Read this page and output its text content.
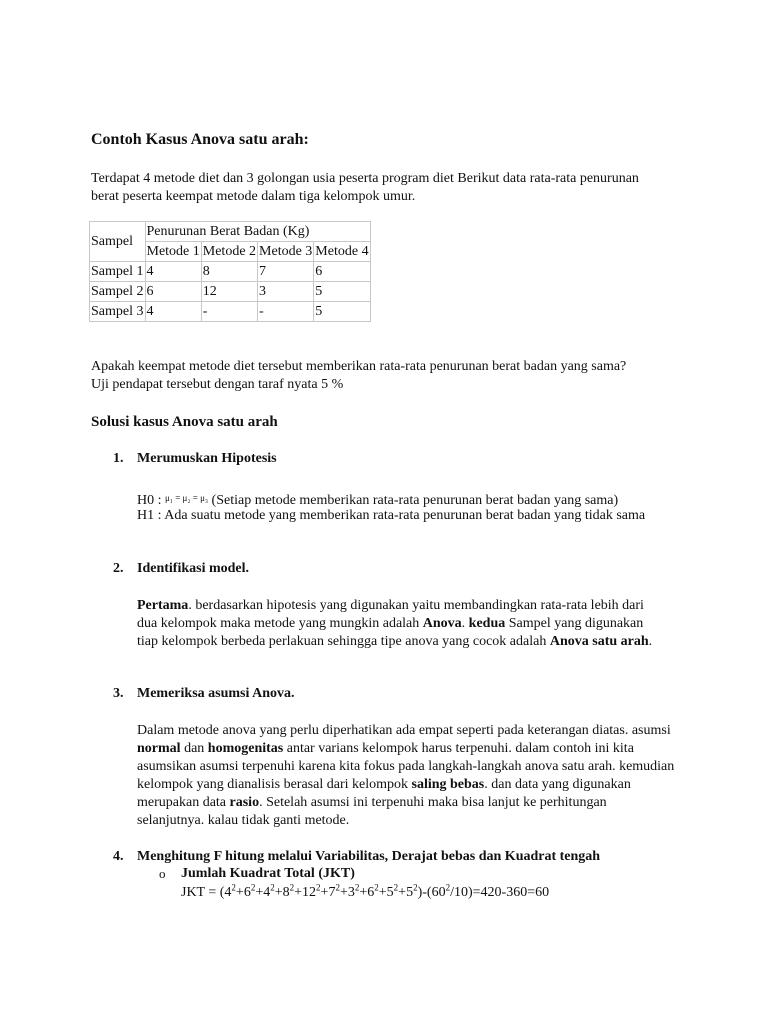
Contoh Kasus Anova satu arah:

Terdapat 4 metode diet dan 3 golongan usia peserta program diet Berikut data rata-rata penurunan berat peserta keempat metode dalam tiga kelompok umur.

Sampel	Penurunan Berat Badan (Kg)			
	Metode 1	Metode 2	Metode 3	Metode 4
Sampel 1	4	8	7	6
Sampel 2	6	12	3	5
Sampel 3	4	-	-	5

Apakah keempat metode diet tersebut memberikan rata-rata penurunan berat badan yang sama?

Uji pendapat tersebut dengan taraf nyata 5 %

Solusi kasus Anova satu arah
1. Merumuskan Hipotesis

H0 : $^{\mu_1 = \mu_2 = \mu_3}$ (Setiap metode memberikan rata-rata penurunan berat badan yang sama)

H1 : Ada suatu metode yang memberikan rata-rata penurunan berat badan yang tidak sama

2. Identifikasi model.

Pertama. berdasarkan hipotesis yang digunakan yaitu membandingkan rata-rata lebih dari dua kelompok maka metode yang mungkin adalah Anova. kedua Sampel yang digunakan tiap kelompok berbeda perlakuan sehingga tipe anova yang cocok adalah Anova satu arah.

3. Memeriksa asumsi Anova.

Dalam metode anova yang perlu diperhatikan ada empat seperti pada keterangan diatas. asumsi normal dan homogenitas antar varians kelompok harus terpenuhi. dalam contoh ini kita asumsikan asumsi terpenuhi karena kita fokus pada langkah-langkah anova satu arah. kemudian kelompok yang dianalisis berasal dari kelompok saling bebas. dan data yang digunakan merupakan data rasio. Setelah asumsi ini terpenuhi maka bisa lanjut ke perhitungan selanjutnya. kalau tidak ganti metode.

4. Menghitung F hitung melalui Variabilitas, Derajat bebas dan Kuadrat tengah
o Jumlah Kuadrat Total (JKT)

JKT = $(4^2+6^2+4^2+8^2+12^2+7^2+3^2+6^2+5^2+5^2)-(60^2/10)=420-360=60$
